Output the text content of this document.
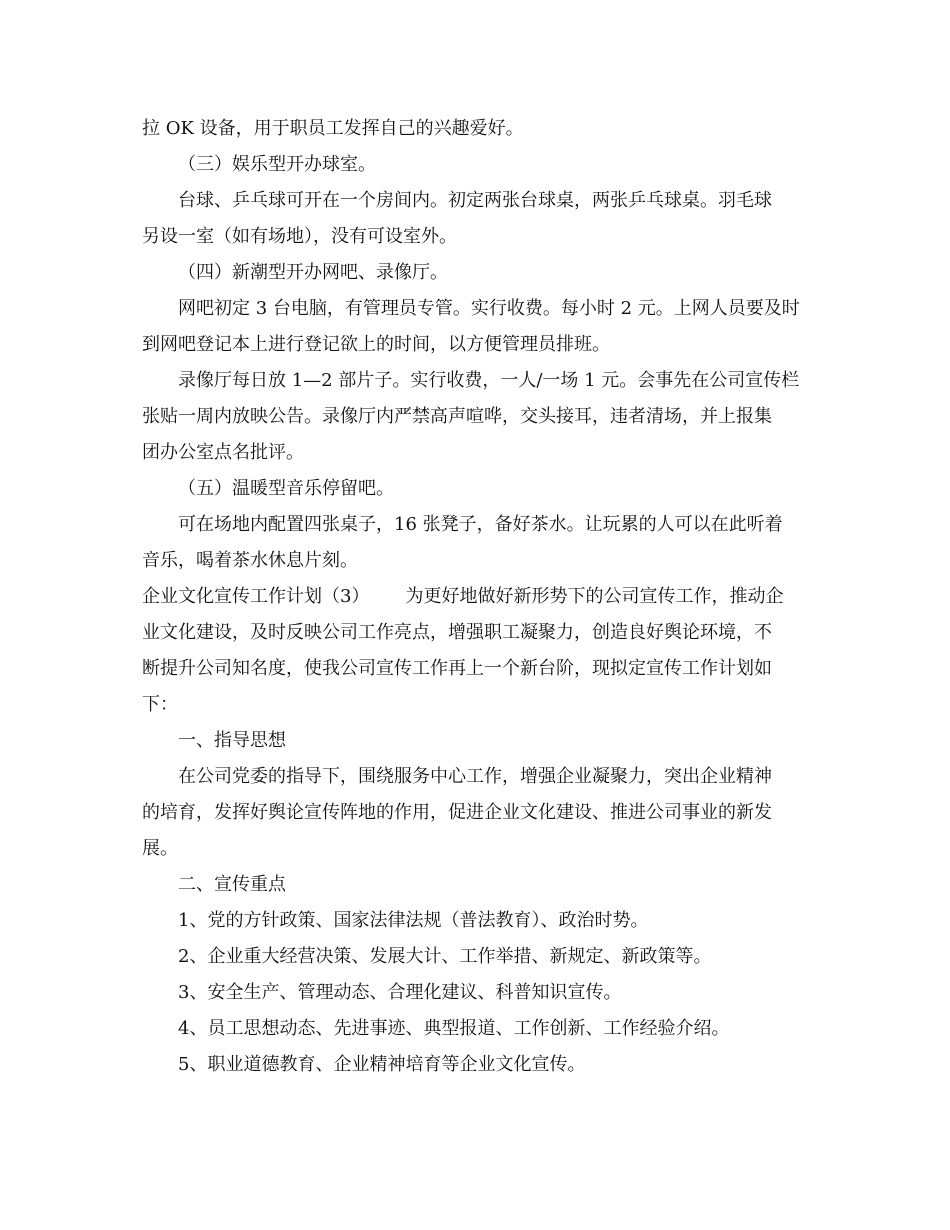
拉 OK 设备，用于职员工发挥自己的兴趣爱好。

（三）娱乐型开办球室。

台球、乒乓球可开在一个房间内。初定两张台球桌，两张乒乓球桌。羽毛球

另设一室（如有场地），没有可设室外。

（四）新潮型开办网吧、录像厅。

网吧初定 3 台电脑，有管理员专管。实行收费。每小时 2 元。上网人员要及时

到网吧登记本上进行登记欲上的时间，以方便管理员排班。

录像厅每日放 1—2 部片子。实行收费，一人/一场 1 元。会事先在公司宣传栏

张贴一周内放映公告。录像厅内严禁高声喧哗，交头接耳，违者清场，并上报集

团办公室点名批评。

（五）温暖型音乐停留吧。

可在场地内配置四张桌子，16 张凳子，备好茶水。让玩累的人可以在此听着

音乐，喝着茶水休息片刻。

企业文化宣传工作计划（3） 为更好地做好新形势下的公司宣传工作，推动企

业文化建设，及时反映公司工作亮点，增强职工凝聚力，创造良好舆论环境，不

断提升公司知名度，使我公司宣传工作再上一个新台阶，现拟定宣传工作计划如

下：

一、指导思想

在公司党委的指导下，围绕服务中心工作，增强企业凝聚力，突出企业精神

的培育，发挥好舆论宣传阵地的作用，促进企业文化建设、推进公司事业的新发

展。

二、宣传重点

1、党的方针政策、国家法律法规（普法教育）、政治时势。

2、企业重大经营决策、发展大计、工作举措、新规定、新政策等。

3、安全生产、管理动态、合理化建议、科普知识宣传。

4、员工思想动态、先进事迹、典型报道、工作创新、工作经验介绍。

5、职业道德教育、企业精神培育等企业文化宣传。
